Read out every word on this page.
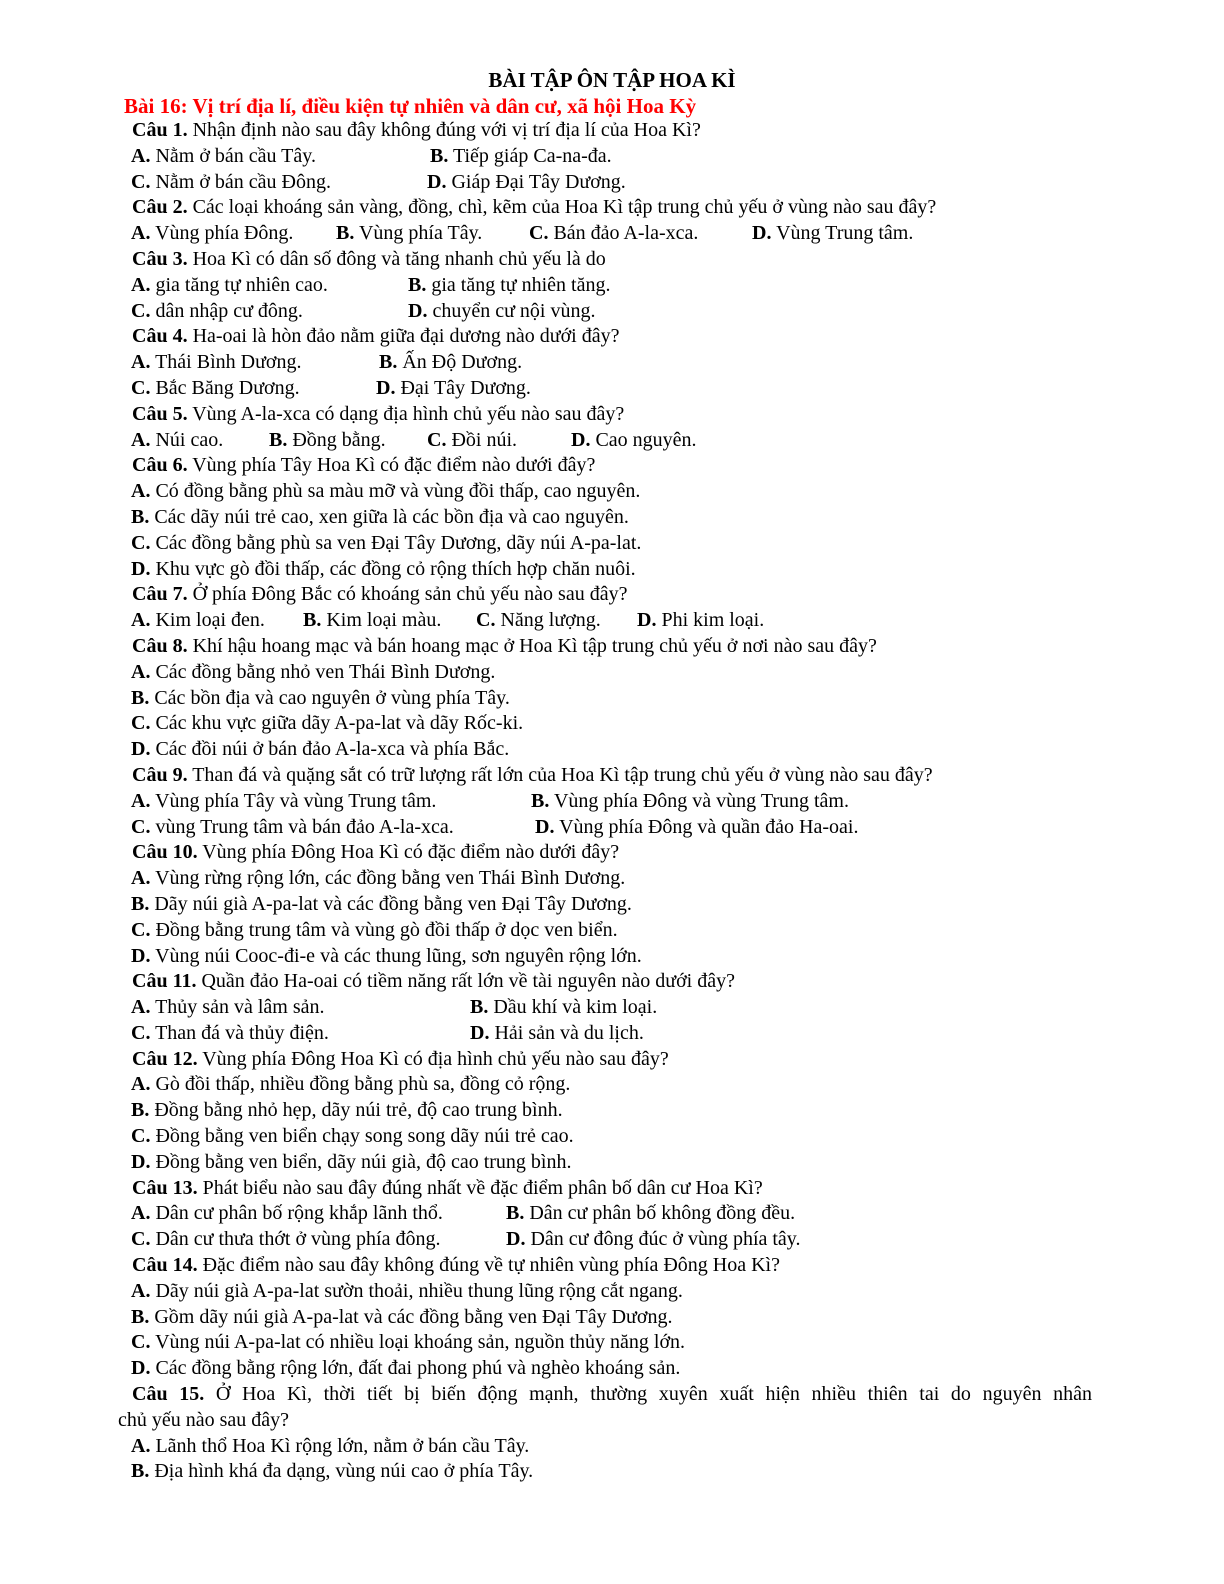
BÀI TẬP ÔN TẬP HOA KÌ
Bài 16: Vị trí địa lí, điều kiện tự nhiên và dân cư, xã hội Hoa Kỳ
Câu 1. Nhận định nào sau đây không đúng với vị trí địa lí của Hoa Kì?
A. Nằm ở bán cầu Tây.	B. Tiếp giáp Ca-na-đa.
C. Nằm ở bán cầu Đông.	D. Giáp Đại Tây Dương.
Câu 2. Các loại khoáng sản vàng, đồng, chì, kẽm của Hoa Kì tập trung chủ yếu ở vùng nào sau đây?
A. Vùng phía Đông. B. Vùng phía Tây. C. Bán đảo A-la-xca.	D. Vùng Trung tâm.
Câu 3. Hoa Kì có dân số đông và tăng nhanh chủ yếu là do
A. gia tăng tự nhiên cao.	B. gia tăng tự nhiên tăng.
C. dân nhập cư đông.	D. chuyển cư nội vùng.
Câu 4. Ha-oai là hòn đảo nằm giữa đại dương nào dưới đây?
A. Thái Bình Dương.	B. Ấn Độ Dương.
C. Bắc Băng Dương.	D. Đại Tây Dương.
Câu 5. Vùng A-la-xca có dạng địa hình chủ yếu nào sau đây?
A. Núi cao. B. Đồng bằng. C. Đồi núi.	D. Cao nguyên.
Câu 6. Vùng phía Tây Hoa Kì có đặc điểm nào dưới đây?
A. Có đồng bằng phù sa màu mỡ và vùng đồi thấp, cao nguyên.
B. Các dãy núi trẻ cao, xen giữa là các bồn địa và cao nguyên.
C. Các đồng bằng phù sa ven Đại Tây Dương, dãy núi A-pa-lat.
D. Khu vực gò đồi thấp, các đồng cỏ rộng thích hợp chăn nuôi.
Câu 7. Ở phía Đông Bắc có khoáng sản chủ yếu nào sau đây?
A. Kim loại đen. B. Kim loại màu. C. Năng lượng. D. Phi kim loại.
Câu 8. Khí hậu hoang mạc và bán hoang mạc ở Hoa Kì tập trung chủ yếu ở nơi nào sau đây?
A. Các đồng bằng nhỏ ven Thái Bình Dương.
B. Các bồn địa và cao nguyên ở vùng phía Tây.
C. Các khu vực giữa dãy A-pa-lat và dãy Rốc-ki.
D. Các đồi núi ở bán đảo A-la-xca và phía Bắc.
Câu 9. Than đá và quặng sắt có trữ lượng rất lớn của Hoa Kì tập trung chủ yếu ở vùng nào sau đây?
A. Vùng phía Tây và vùng Trung tâm.	B. Vùng phía Đông và vùng Trung tâm.
C. vùng Trung tâm và bán đảo A-la-xca.	D. Vùng phía Đông và quần đảo Ha-oai.
Câu 10. Vùng phía Đông Hoa Kì có đặc điểm nào dưới đây?
A. Vùng rừng rộng lớn, các đồng bằng ven Thái Bình Dương.
B. Dãy núi già A-pa-lat và các đồng bằng ven Đại Tây Dương.
C. Đồng bằng trung tâm và vùng gò đồi thấp ở dọc ven biển.
D. Vùng núi Cooc-đi-e và các thung lũng, sơn nguyên rộng lớn.
Câu 11. Quần đảo Ha-oai có tiềm năng rất lớn về tài nguyên nào dưới đây?
A. Thủy sản và lâm sản.	B. Dầu khí và kim loại.
C. Than đá và thủy điện.	D. Hải sản và du lịch.
Câu 12. Vùng phía Đông Hoa Kì có địa hình chủ yếu nào sau đây?
A. Gò đồi thấp, nhiều đồng bằng phù sa, đồng cỏ rộng.
B. Đồng bằng nhỏ hẹp, dãy núi trẻ, độ cao trung bình.
C. Đồng bằng ven biển chạy song song dãy núi trẻ cao.
D. Đồng bằng ven biển, dãy núi già, độ cao trung bình.
Câu 13. Phát biểu nào sau đây đúng nhất về đặc điểm phân bố dân cư Hoa Kì?
A. Dân cư phân bố rộng khắp lãnh thổ.	B. Dân cư phân bố không đồng đều.
C. Dân cư thưa thớt ở vùng phía đông.	D. Dân cư đông đúc ở vùng phía tây.
Câu 14. Đặc điểm nào sau đây không đúng về tự nhiên vùng phía Đông Hoa Kì?
A. Dãy núi già A-pa-lat sườn thoải, nhiều thung lũng rộng cắt ngang.
B. Gồm dãy núi già A-pa-lat và các đồng bằng ven Đại Tây Dương.
C. Vùng núi A-pa-lat có nhiều loại khoáng sản, nguồn thủy năng lớn.
D. Các đồng bằng rộng lớn, đất đai phong phú và nghèo khoáng sản.
Câu 15. Ở Hoa Kì, thời tiết bị biến động mạnh, thường xuyên xuất hiện nhiều thiên tai do nguyên nhân
chủ yếu nào sau đây?
A. Lãnh thổ Hoa Kì rộng lớn, nằm ở bán cầu Tây.
B. Địa hình khá đa dạng, vùng núi cao ở phía Tây.
